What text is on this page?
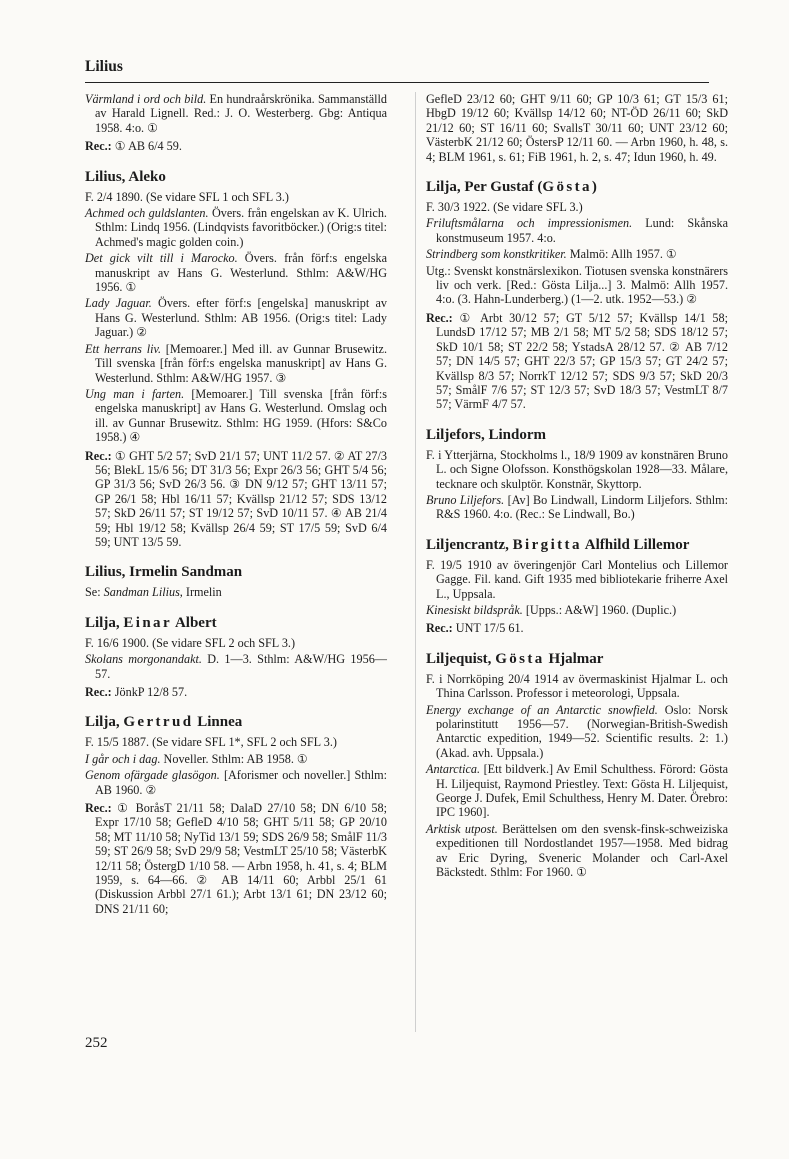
Lilius

Värmland i ord och bild. En hundraårskrönika. Sammanställd av Harald Lignell. Red.: J. O. Westerberg. Gbg: Antiqua 1958. 4:o. ①

Rec.: ① AB 6/4 59.

Lilius, Aleko

F. 2/4 1890. (Se vidare SFL 1 och SFL 3.)

Achmed och guldslanten. Övers. från engelskan av K. Ulrich. Sthlm: Lindq 1956. (Lindqvists favoritböcker.) (Orig:s titel: Achmed's magic golden coin.)

Det gick vilt till i Marocko. Övers. från förf:s engelska manuskript av Hans G. Westerlund. Sthlm: A&W/HG 1956. ①

Lady Jaguar. Övers. efter förf:s [engelska] manuskript av Hans G. Westerlund. Sthlm: AB 1956. (Orig:s titel: Lady Jaguar.) ②

Ett herrans liv. [Memoarer.] Med ill. av Gunnar Brusewitz. Till svenska [från förf:s engelska manuskript] av Hans G. Westerlund. Sthlm: A&W/HG 1957. ③

Ung man i farten. [Memoarer.] Till svenska [från förf:s engelska manuskript] av Hans G. Westerlund. Omslag och ill. av Gunnar Brusewitz. Sthlm: HG 1959. (Hfors: S&Co 1958.) ④

Rec.: ① GHT 5/2 57; SvD 21/1 57; UNT 11/2 57. ② AT 27/3 56; BlekL 15/6 56; DT 31/3 56; Expr 26/3 56; GHT 5/4 56; GP 31/3 56; SvD 26/3 56. ③ DN 9/12 57; GHT 13/11 57; GP 26/1 58; Hbl 16/11 57; Kvällsp 21/12 57; SDS 13/12 57; SkD 26/11 57; ST 19/12 57; SvD 10/11 57. ④ AB 21/4 59; Hbl 19/12 58; Kvällsp 26/4 59; ST 17/5 59; SvD 6/4 59; UNT 13/5 59.

Lilius, Irmelin Sandman

Se: Sandman Lilius, Irmelin

Lilja, Einar Albert

F. 16/6 1900. (Se vidare SFL 2 och SFL 3.)

Skolans morgonandakt. D. 1—3. Sthlm: A&W/HG 1956—57.

Rec.: JönkP 12/8 57.

Lilja, Gertrud Linnea

F. 15/5 1887. (Se vidare SFL 1*, SFL 2 och SFL 3.)

I går och i dag. Noveller. Sthlm: AB 1958. ①

Genom ofärgade glasögon. [Aforismer och noveller.] Sthlm: AB 1960. ②

Rec.: ① BoråsT 21/11 58; DalaD 27/10 58; DN 6/10 58; Expr 17/10 58; GefleD 4/10 58; GHT 5/11 58; GP 20/10 58; MT 11/10 58; NyTid 13/1 59; SDS 26/9 58; SmålF 11/3 59; ST 26/9 58; SvD 29/9 58; VestmLT 25/10 58; VästerbK 12/11 58; ÖstergD 1/10 58. — Arbn 1958, h. 41, s. 4; BLM 1959, s. 64—66. ② AB 14/11 60; Arbbl 25/1 61 (Diskussion Arbbl 27/1 61.); Arbt 13/1 61; DN 23/12 60; DNS 21/11 60;

GefleD 23/12 60; GHT 9/11 60; GP 10/3 61; GT 15/3 61; HbgD 19/12 60; Kvällsp 14/12 60; NT-ÖD 26/11 60; SkD 21/12 60; ST 16/11 60; SvallsT 30/11 60; UNT 23/12 60; VästerbK 21/12 60; ÖstersP 12/11 60. — Arbn 1960, h. 48, s. 4; BLM 1961, s. 61; FiB 1961, h. 2, s. 47; Idun 1960, h. 49.

Lilja, Per Gustaf (Gösta)

F. 30/3 1922. (Se vidare SFL 3.)

Friluftsmålarna och impressionismen. Lund: Skånska konstmuseum 1957. 4:o.

Strindberg som konstkritiker. Malmö: Allh 1957. ①

Utg.: Svenskt konstnärslexikon. Tiotusen svenska konstnärers liv och verk. [Red.: Gösta Lilja...] 3. Malmö: Allh 1957. 4:o. (3. Hahn-Lunderberg.) (1—2. utk. 1952—53.) ②

Rec.: ① Arbt 30/12 57; GT 5/12 57; Kvällsp 14/1 58; LundsD 17/12 57; MB 2/1 58; MT 5/2 58; SDS 18/12 57; SkD 10/1 58; ST 22/2 58; YstadsA 28/12 57. ② AB 7/12 57; DN 14/5 57; GHT 22/3 57; GP 15/3 57; GT 24/2 57; Kvällsp 8/3 57; NorrkT 12/12 57; SDS 9/3 57; SkD 20/3 57; SmålF 7/6 57; ST 12/3 57; SvD 18/3 57; VestmLT 8/7 57; VärmF 4/7 57.

Liljefors, Lindorm

F. i Ytterjärna, Stockholms l., 18/9 1909 av konstnären Bruno L. och Signe Olofsson. Konsthögskolan 1928—33. Målare, tecknare och skulptör. Konstnär, Skyttorp.

Bruno Liljefors. [Av] Bo Lindwall, Lindorm Liljefors. Sthlm: R&S 1960. 4:o. (Rec.: Se Lindwall, Bo.)

Liljencrantz, Birgitta Alfhild Lillemor

F. 19/5 1910 av överingenjör Carl Montelius och Lillemor Gagge. Fil. kand. Gift 1935 med bibliotekarie friherre Axel L., Uppsala.

Kinesiskt bildspråk. [Upps.: A&W] 1960. (Duplic.)

Rec.: UNT 17/5 61.

Liljequist, Gösta Hjalmar

F. i Norrköping 20/4 1914 av övermaskinist Hjalmar L. och Thina Carlsson. Professor i meteorologi, Uppsala.

Energy exchange of an Antarctic snowfield. Oslo: Norsk polarinstitutt 1956—57. (Norwegian-British-Swedish Antarctic expedition, 1949—52. Scientific results. 2: 1.) (Akad. avh. Uppsala.)

Antarctica. [Ett bildverk.] Av Emil Schulthess. Förord: Gösta H. Liljequist, Raymond Priestley. Text: Gösta H. Liljequist, George J. Dufek, Emil Schulthess, Henry M. Dater. Örebro: IPC 1960].

Arktisk utpost. Berättelsen om den svensk-finsk-schweiziska expeditionen till Nordostlandet 1957—1958. Med bidrag av Eric Dyring, Sveneric Molander och Carl-Axel Bäckstedt. Sthlm: For 1960. ①

252
